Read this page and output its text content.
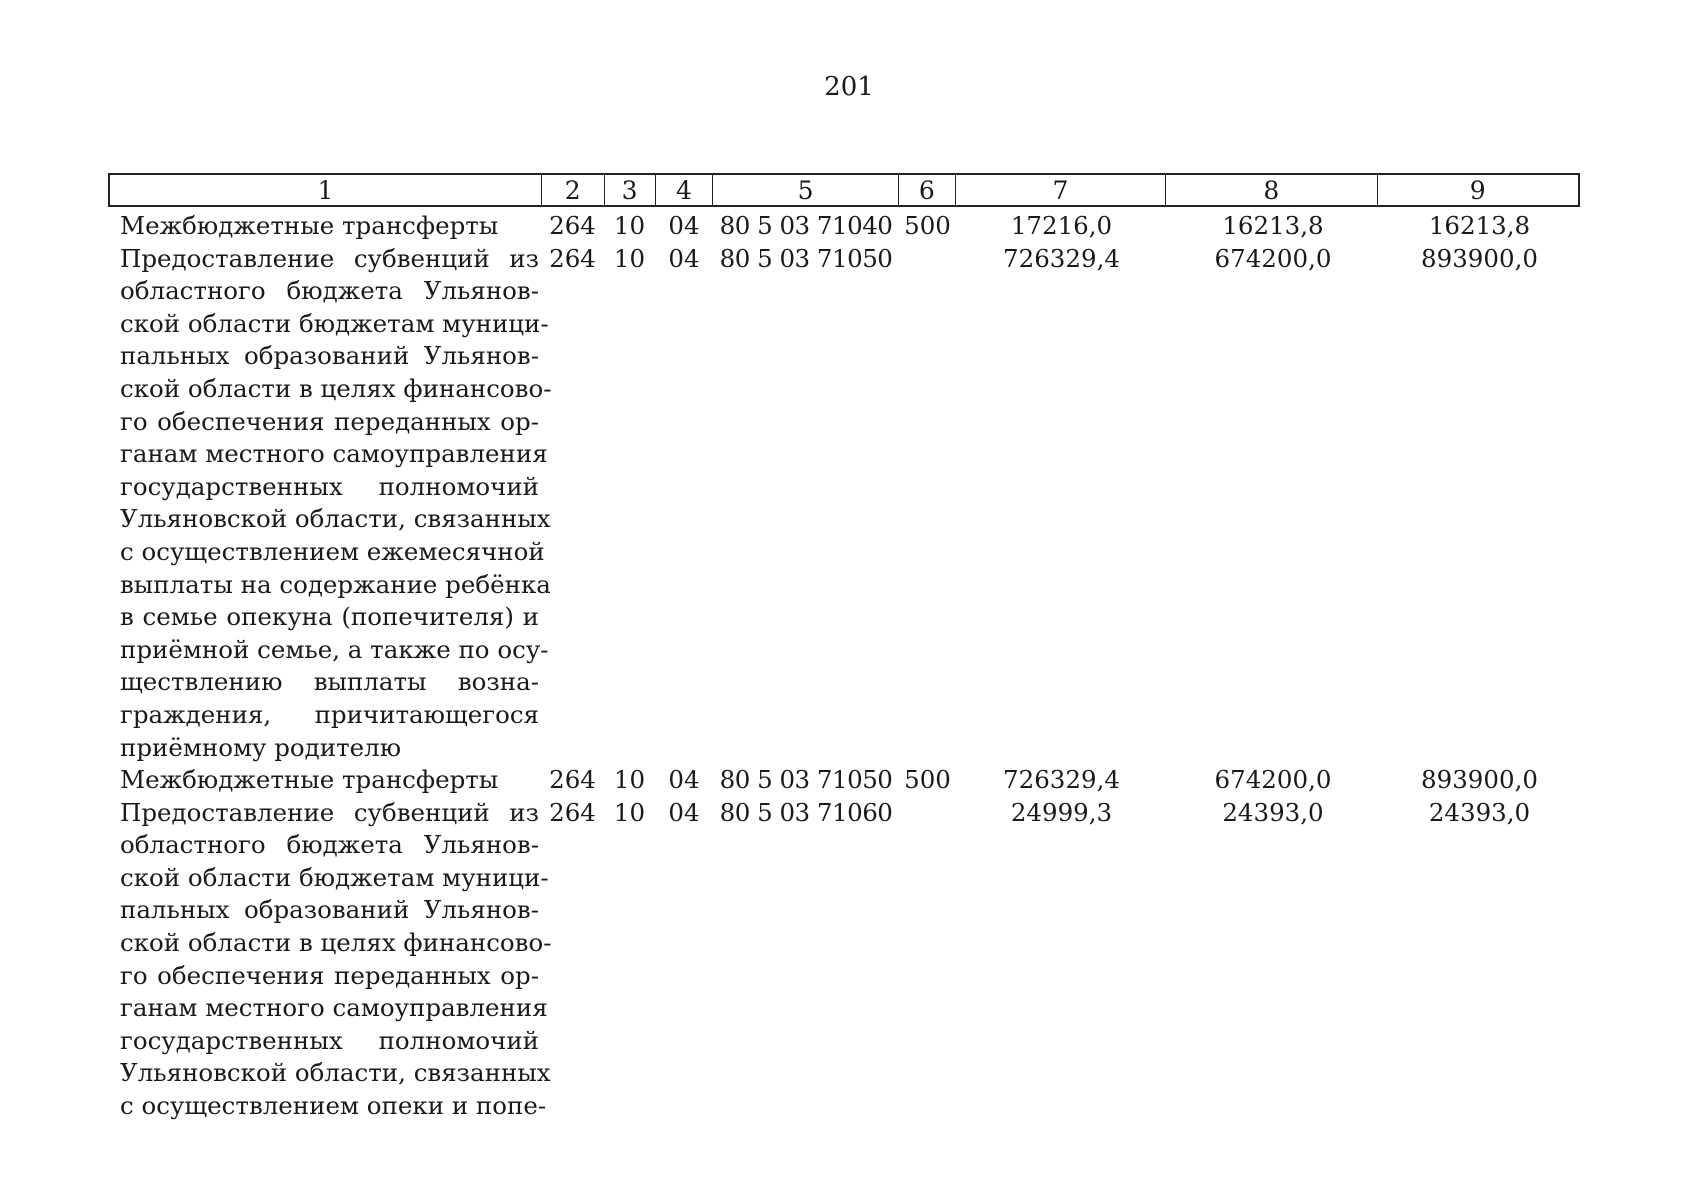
201
1	2	3	4	5	6	7	8	9
Межбюджетные трансферты	264 10 04 80 5 03 71040 500	17216,0	16213,8	16213,8
Предоставление субвенций из
областного бюджета Ульянов-
ской области бюджетам муници-
пальных образований Ульянов-
ской области в целях финансово-
го обеспечения переданных ор-
ганам местного самоуправления
государственных полномочий
Ульяновской области, связанных
с осуществлением ежемесячной
выплаты на содержание ребёнка
в семье опекуна (попечителя) и
приёмной семье, а также по осу-
ществлению выплаты возна-
граждения, причитающегося
приёмному родителю
264 10 04 80 5 03 71050	726329,4	674200,0	893900,0
Межбюджетные трансферты	264 10 04 80 5 03 71050 500	726329,4	674200,0	893900,0
Предоставление субвенций из
областного бюджета Ульянов-
ской области бюджетам муници-
пальных образований Ульянов-
ской области в целях финансово-
го обеспечения переданных ор-
ганам местного самоуправления
государственных полномочий
Ульяновской области, связанных
с осуществлением опеки и попе-
264 10 04 80 5 03 71060	24999,3	24393,0	24393,0
